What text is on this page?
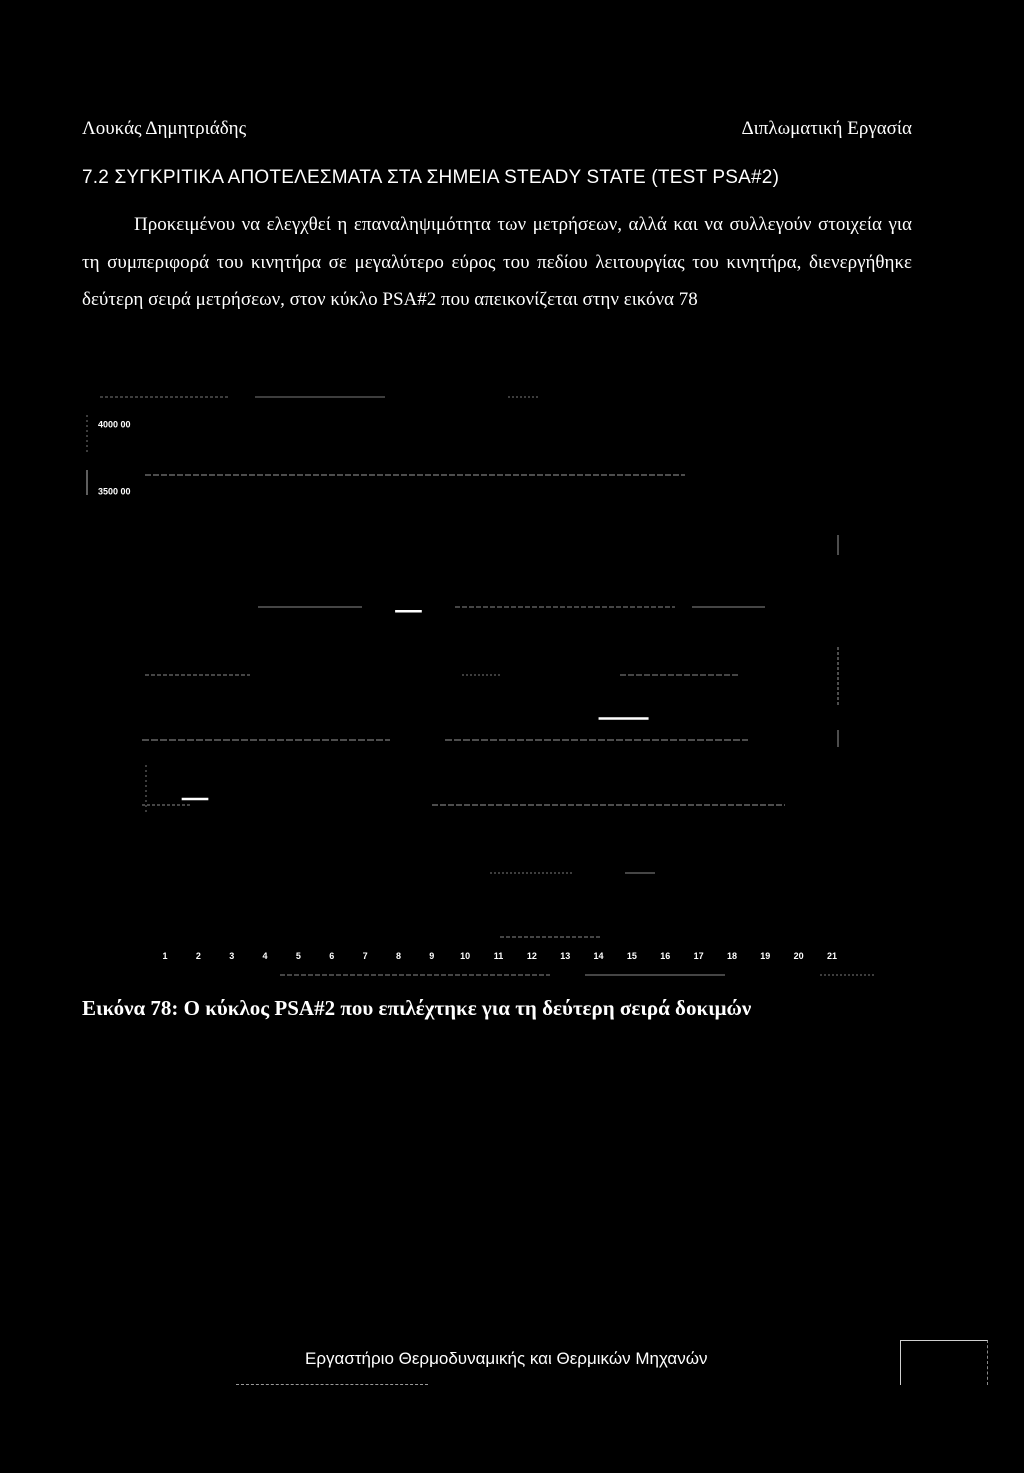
Λουκάς Δημητριάδης	Διπλωματική Εργασία
7.2 ΣΥΓΚΡΙΤΙΚΑ ΑΠΟΤΕΛΕΣΜΑΤΑ ΣΤΑ ΣΗΜΕΙΑ STEADY STATE (TEST PSA#2)
Προκειμένου να ελεγχθεί η επαναληψιμότητα των μετρήσεων, αλλά και να συλλεγούν στοιχεία για τη συμπεριφορά του κινητήρα σε μεγαλύτερο εύρος του πεδίου λειτουργίας του κινητήρα, διενεργήθηκε δεύτερη σειρά μετρήσεων, στον κύκλο PSA#2 που απεικονίζεται στην εικόνα 78
4000 00
3500 00
1	2	3	4	5	6	7	8	9	10	11	12	13	14	15	16	17	18	19	20	21
Εικόνα 78: Ο κύκλος PSA#2 που επιλέχτηκε για τη δεύτερη σειρά δοκιμών
Εργαστήριο Θερμοδυναμικής και Θερμικών Μηχανών
